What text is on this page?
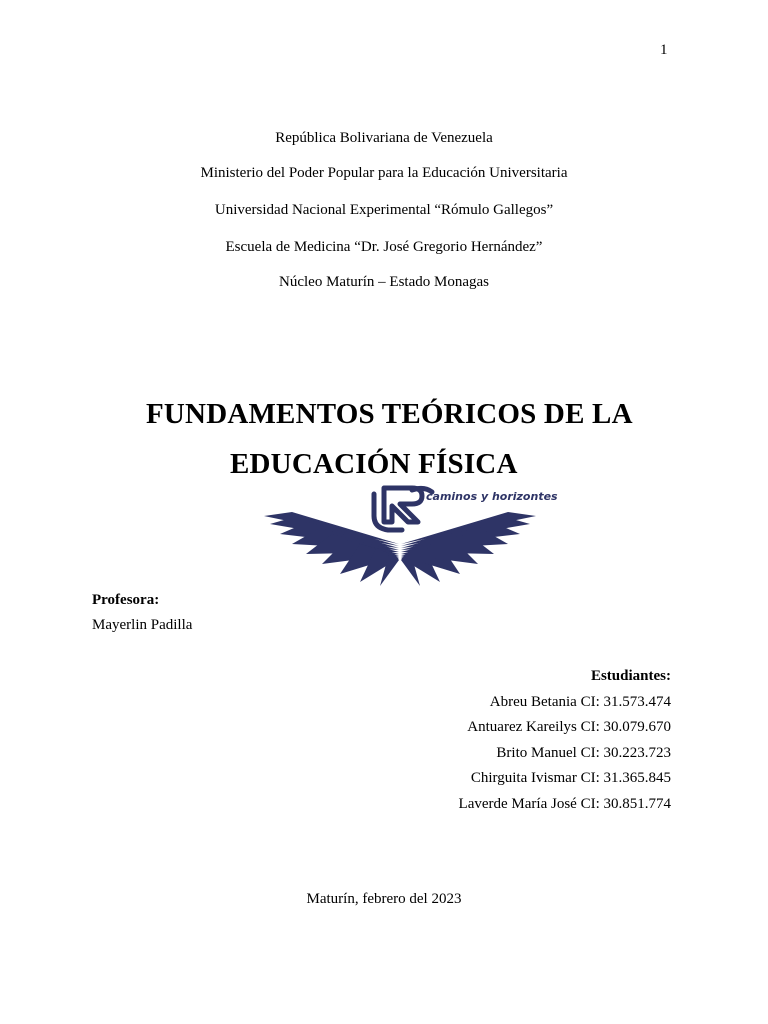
1
República Bolivariana de Venezuela
Ministerio del Poder Popular para la Educación Universitaria
Universidad Nacional Experimental “Rómulo Gallegos”
Escuela de Medicina “Dr. José Gregorio Hernández”
Núcleo Maturín – Estado Monagas
FUNDAMENTOS TEÓRICOS DE LA
EDUCACIÓN FÍSICA
caminos y horizontes
Profesora:
Mayerlin Padilla
Estudiantes:
Abreu Betania CI: 31.573.474
Antuarez Kareilys CI: 30.079.670
Brito Manuel CI: 30.223.723
Chirguita Ivismar CI: 31.365.845
Laverde María José CI: 30.851.774
Maturín, febrero del 2023
